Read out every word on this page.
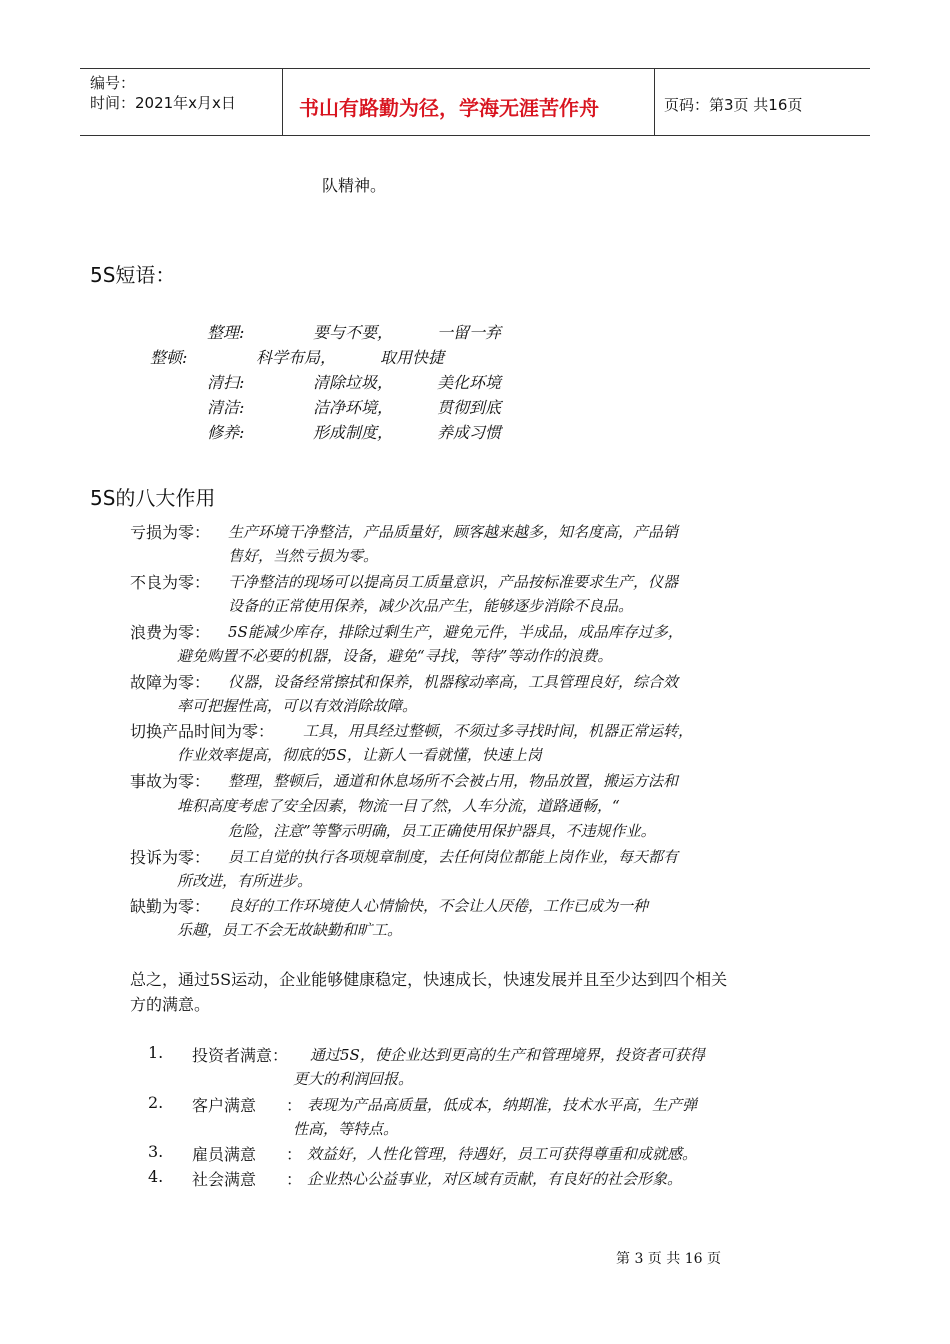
编号：
时间：2021年x月x日	书山有路勤为径，学海无涯苦作舟	页码：第3页 共16页
队精神。
5S短语：
整理:	要与不要，	一留一弃
整顿:	科学布局，	取用快捷
清扫:	清除垃圾，	美化环境
清洁:	洁净环境，	贯彻到底
修养:	形成制度，	养成习惯
5S的八大作用
亏损为零： 生产环境干净整洁，产品质量好，顾客越来越多，知名度高，产品销
售好，当然亏损为零。
不良为零： 干净整洁的现场可以提高员工质量意识，产品按标准要求生产，仪器
设备的正常使用保养，减少次品产生，能够逐步消除不良品。
浪费为零： 5S能减少库存，排除过剩生产，避免元件，半成品，成品库存过多，
避免购置不必要的机器，设备，避免“寻找，等待”等动作的浪费。
故障为零： 仪器，设备经常擦拭和保养，机器稼动率高，工具管理良好，综合效
率可把握性高，可以有效消除故障。
切换产品时间为零： 工具，用具经过整顿，不须过多寻找时间，机器正常运转，
作业效率提高，彻底的5S，让新人一看就懂，快速上岗
事故为零： 整理，整顿后，通道和休息场所不会被占用，物品放置，搬运方法和
堆积高度考虑了安全因素，物流一目了然，人车分流，道路通畅，“
危险，注意”等警示明确，员工正确使用保护器具，不违规作业。
投诉为零： 员工自觉的执行各项规章制度，去任何岗位都能上岗作业，每天都有
所改进，有所进步。
缺勤为零： 良好的工作环境使人心情愉快，不会让人厌倦，工作已成为一种
乐趣，员工不会无故缺勤和旷工。
总之，通过5S运动，企业能够健康稳定，快速成长，快速发展并且至少达到四个相关
方的满意。
1. 投资者满意： 通过5S，使企业达到更高的生产和管理境界，投资者可获得
更大的利润回报。
2. 客户满意 ： 表现为产品高质量，低成本，纳期准，技术水平高，生产弹
性高，等特点。
3. 雇员满意 ： 效益好，人性化管理，待遇好，员工可获得尊重和成就感。
4. 社会满意 ： 企业热心公益事业，对区域有贡献，有良好的社会形象。
第 3 页 共 16 页
